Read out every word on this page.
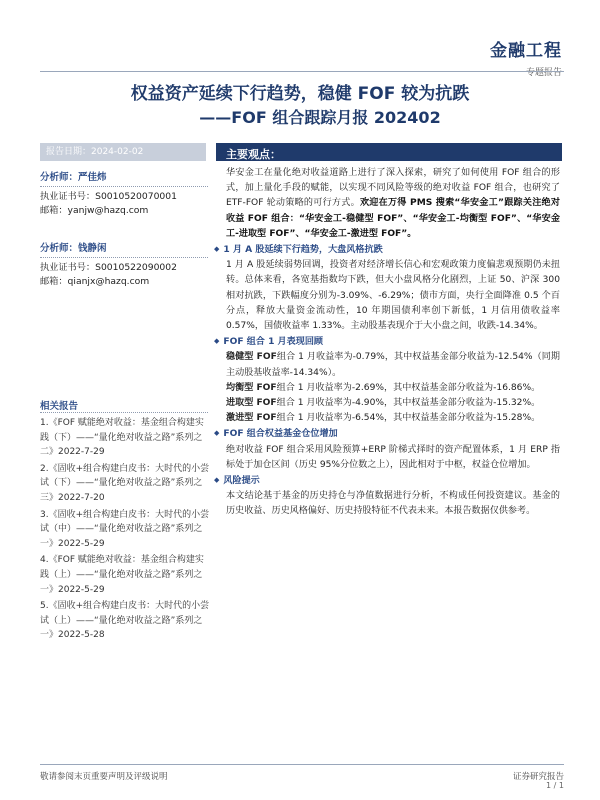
金融工程
专题报告
权益资产延续下行趋势，稳健 FOF 较为抗跌
——FOF 组合跟踪月报 202402
报告日期：2024-02-02
分析师：严佳炜
执业证书号：S0010520070001
邮箱：yanjw@hazq.com
分析师：钱静闲
执业证书号：S0010522090002
邮箱：qianjx@hazq.com
相关报告
1.《FOF 赋能绝对收益：基金组合构建实践（下）——“量化绝对收益之路”系列之二》2022-7-29
2.《固收+组合构建白皮书：大时代的小尝试（下）——“量化绝对收益之路”系列之三》2022-7-20
3.《固收+组合构建白皮书：大时代的小尝试（中）——“量化绝对收益之路”系列之一》2022-5-29
4.《FOF 赋能绝对收益：基金组合构建实践（上）——“量化绝对收益之路”系列之一》2022-5-29
5.《固收+组合构建白皮书：大时代的小尝试（上）——“量化绝对收益之路”系列之一》2022-5-28
主要观点：

华安金工在量化绝对收益道路上进行了深入探索，研究了如何使用 FOF 组合的形式，加上量化手段的赋能，以实现不同风险等级的绝对收益 FOF 组合，也研究了 ETF-FOF 轮动策略的可行方式。欢迎在万得 PMS 搜索“华安金工”跟踪关注绝对收益 FOF 组合：“华安金工-稳健型 FOF”、“华安金工-均衡型 FOF”、“华安金工-进取型 FOF”、“华安金工-激进型 FOF”。

◆ 1 月 A 股延续下行趋势，大盘风格抗跌

1 月 A 股延续弱势回调，投资者对经济增长信心和宏观政策力度偏悲观预期仍未扭转。总体来看，各宽基指数均下跌，但大小盘风格分化剧烈，上证 50、沪深 300 相对抗跌，下跌幅度分别为-3.09%、-6.29%；债市方面，央行全面降准 0.5 个百分点，释放大量资金流动性，10 年期国债利率创下新低，1 月信用债收益率 0.57%，国债收益率 1.33%。主动股基表现介于大小盘之间，收跌-14.34%。

◆ FOF 组合 1 月表现回顾

稳健型 FOF组合 1 月收益率为-0.79%，其中权益基金部分收益为-12.54%（同期主动股基收益率-14.34%）。

均衡型 FOF组合 1 月收益率为-2.69%，其中权益基金部分收益为-16.86%。

进取型 FOF组合 1 月收益率为-4.90%，其中权益基金部分收益为-15.32%。

激进型 FOF组合 1 月收益率为-6.54%，其中权益基金部分收益为-15.28%。

◆ FOF 组合权益基金仓位增加

绝对收益 FOF 组合采用风险预算+ERP 阶梯式择时的资产配置体系，1 月 ERP 指标处于加仓区间（历史 95%分位数之上），因此相对于中枢，权益仓位增加。

◆ 风险提示

本文结论基于基金的历史持仓与净值数据进行分析，不构成任何投资建议。基金的历史收益、历史风格偏好、历史持股特征不代表未来。本报告数据仅供参考。

敬请参阅末页重要声明及评级说明	证券研究报告
1 / 1
